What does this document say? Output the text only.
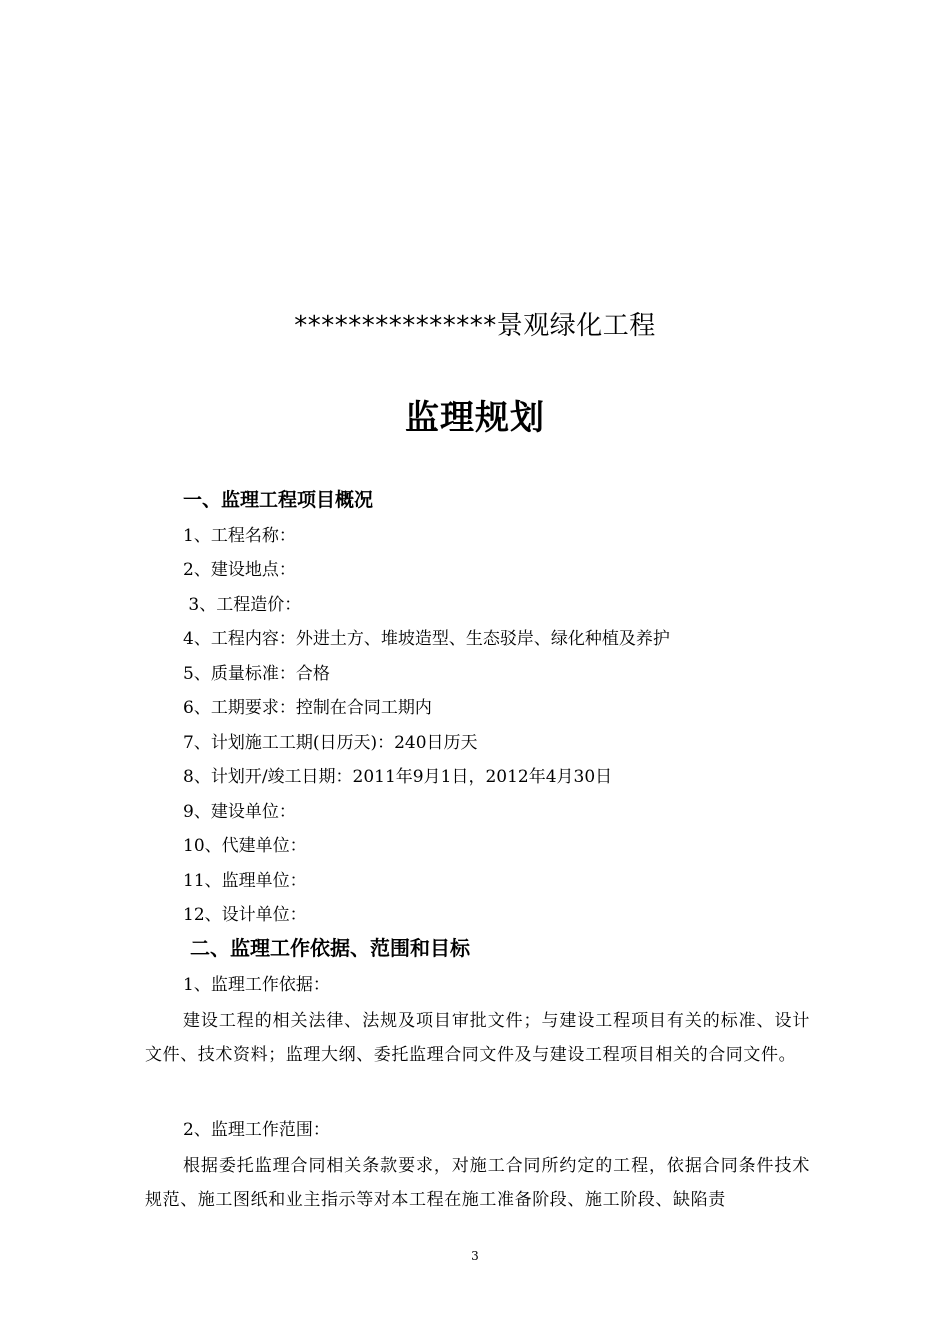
***************景观绿化工程
监理规划
一、监理工程项目概况
1、工程名称：
2、建设地点：
3、工程造价：
4、工程内容：外进土方、堆坡造型、生态驳岸、绿化种植及养护
5、质量标准：合格
6、工期要求：控制在合同工期内
7、计划施工工期(日历天)：240日历天
8、计划开/竣工日期：2011年9月1日，2012年4月30日
9、建设单位：
10、代建单位：
11、监理单位：
12、设计单位：
二、监理工作依据、范围和目标
1、监理工作依据：
建设工程的相关法律、法规及项目审批文件；与建设工程项目有关的标准、设计文件、技术资料；监理大纲、委托监理合同文件及与建设工程项目相关的合同文件。
2、监理工作范围：
根据委托监理合同相关条款要求，对施工合同所约定的工程，依据合同条件技术规范、施工图纸和业主指示等对本工程在施工准备阶段、施工阶段、缺陷责
3
